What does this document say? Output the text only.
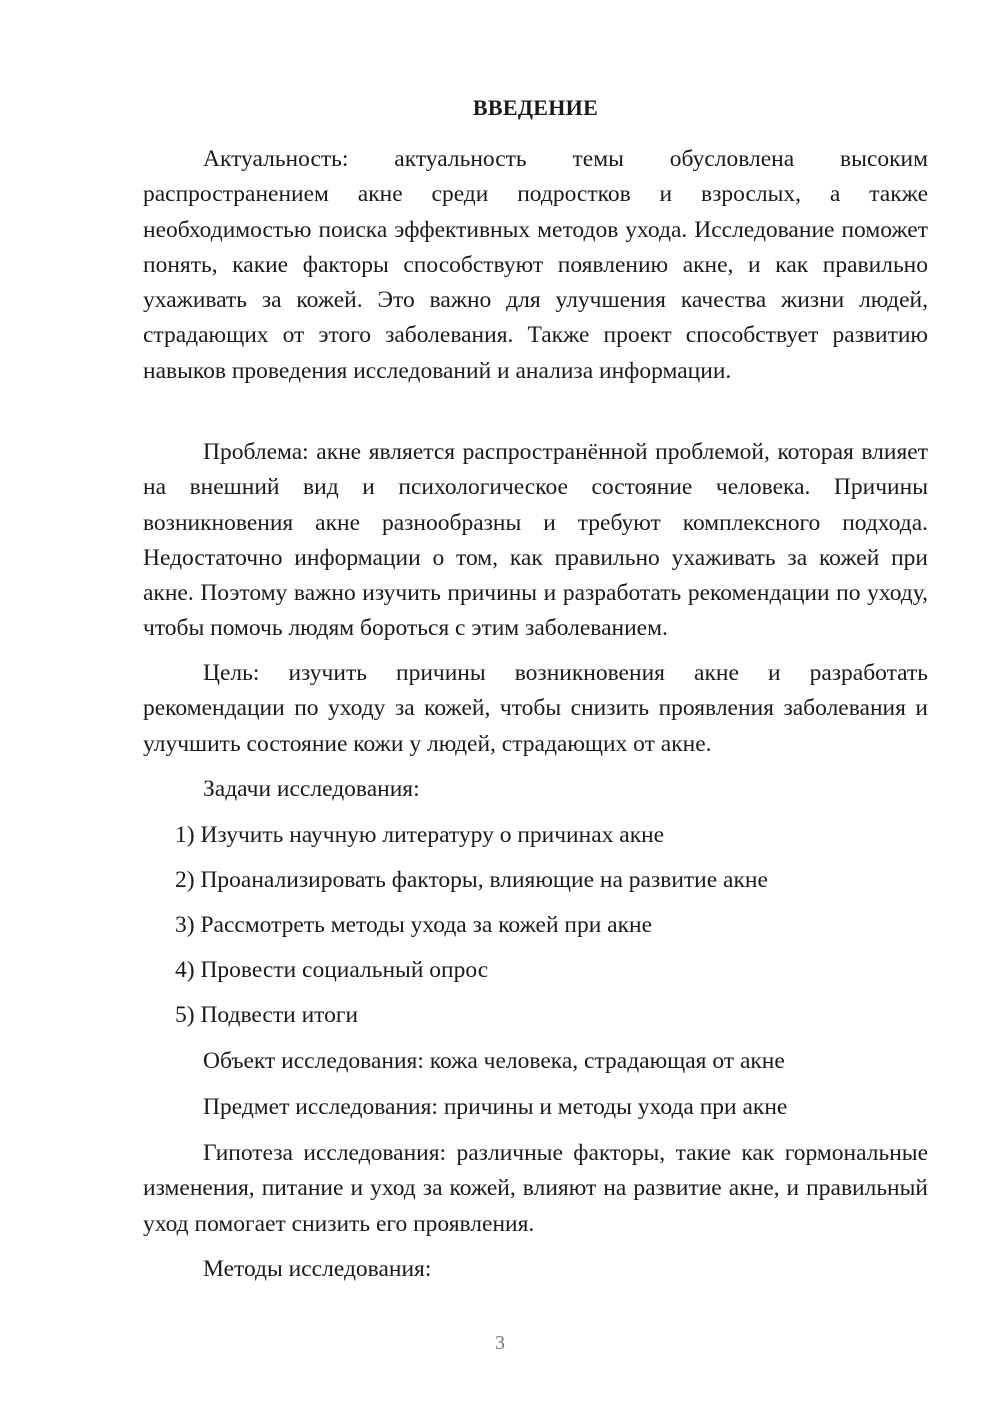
ВВЕДЕНИЕ

Актуальность: актуальность темы обусловлена высоким распространением акне среди подростков и взрослых, а также необходимостью поиска эффективных методов ухода. Исследование поможет понять, какие факторы способствуют появлению акне, и как правильно ухаживать за кожей. Это важно для улучшения качества жизни людей, страдающих от этого заболевания. Также проект способствует развитию навыков проведения исследований и анализа информации.

Проблема: акне является распространённой проблемой, которая влияет на внешний вид и психологическое состояние человека. Причины возникновения акне разнообразны и требуют комплексного подхода. Недостаточно информации о том, как правильно ухаживать за кожей при акне. Поэтому важно изучить причины и разработать рекомендации по уходу, чтобы помочь людям бороться с этим заболеванием.

Цель: изучить причины возникновения акне и разработать рекомендации по уходу за кожей, чтобы снизить проявления заболевания и улучшить состояние кожи у людей, страдающих от акне.

Задачи исследования:

1) Изучить научную литературу о причинах акне

2) Проанализировать факторы, влияющие на развитие акне

3) Рассмотреть методы ухода за кожей при акне

4) Провести социальный опрос

5) Подвести итоги

Объект исследования: кожа человека, страдающая от акне

Предмет исследования: причины и методы ухода при акне

Гипотеза исследования: различные факторы, такие как гормональные изменения, питание и уход за кожей, влияют на развитие акне, и правильный уход помогает снизить его проявления.

Методы исследования:

3
